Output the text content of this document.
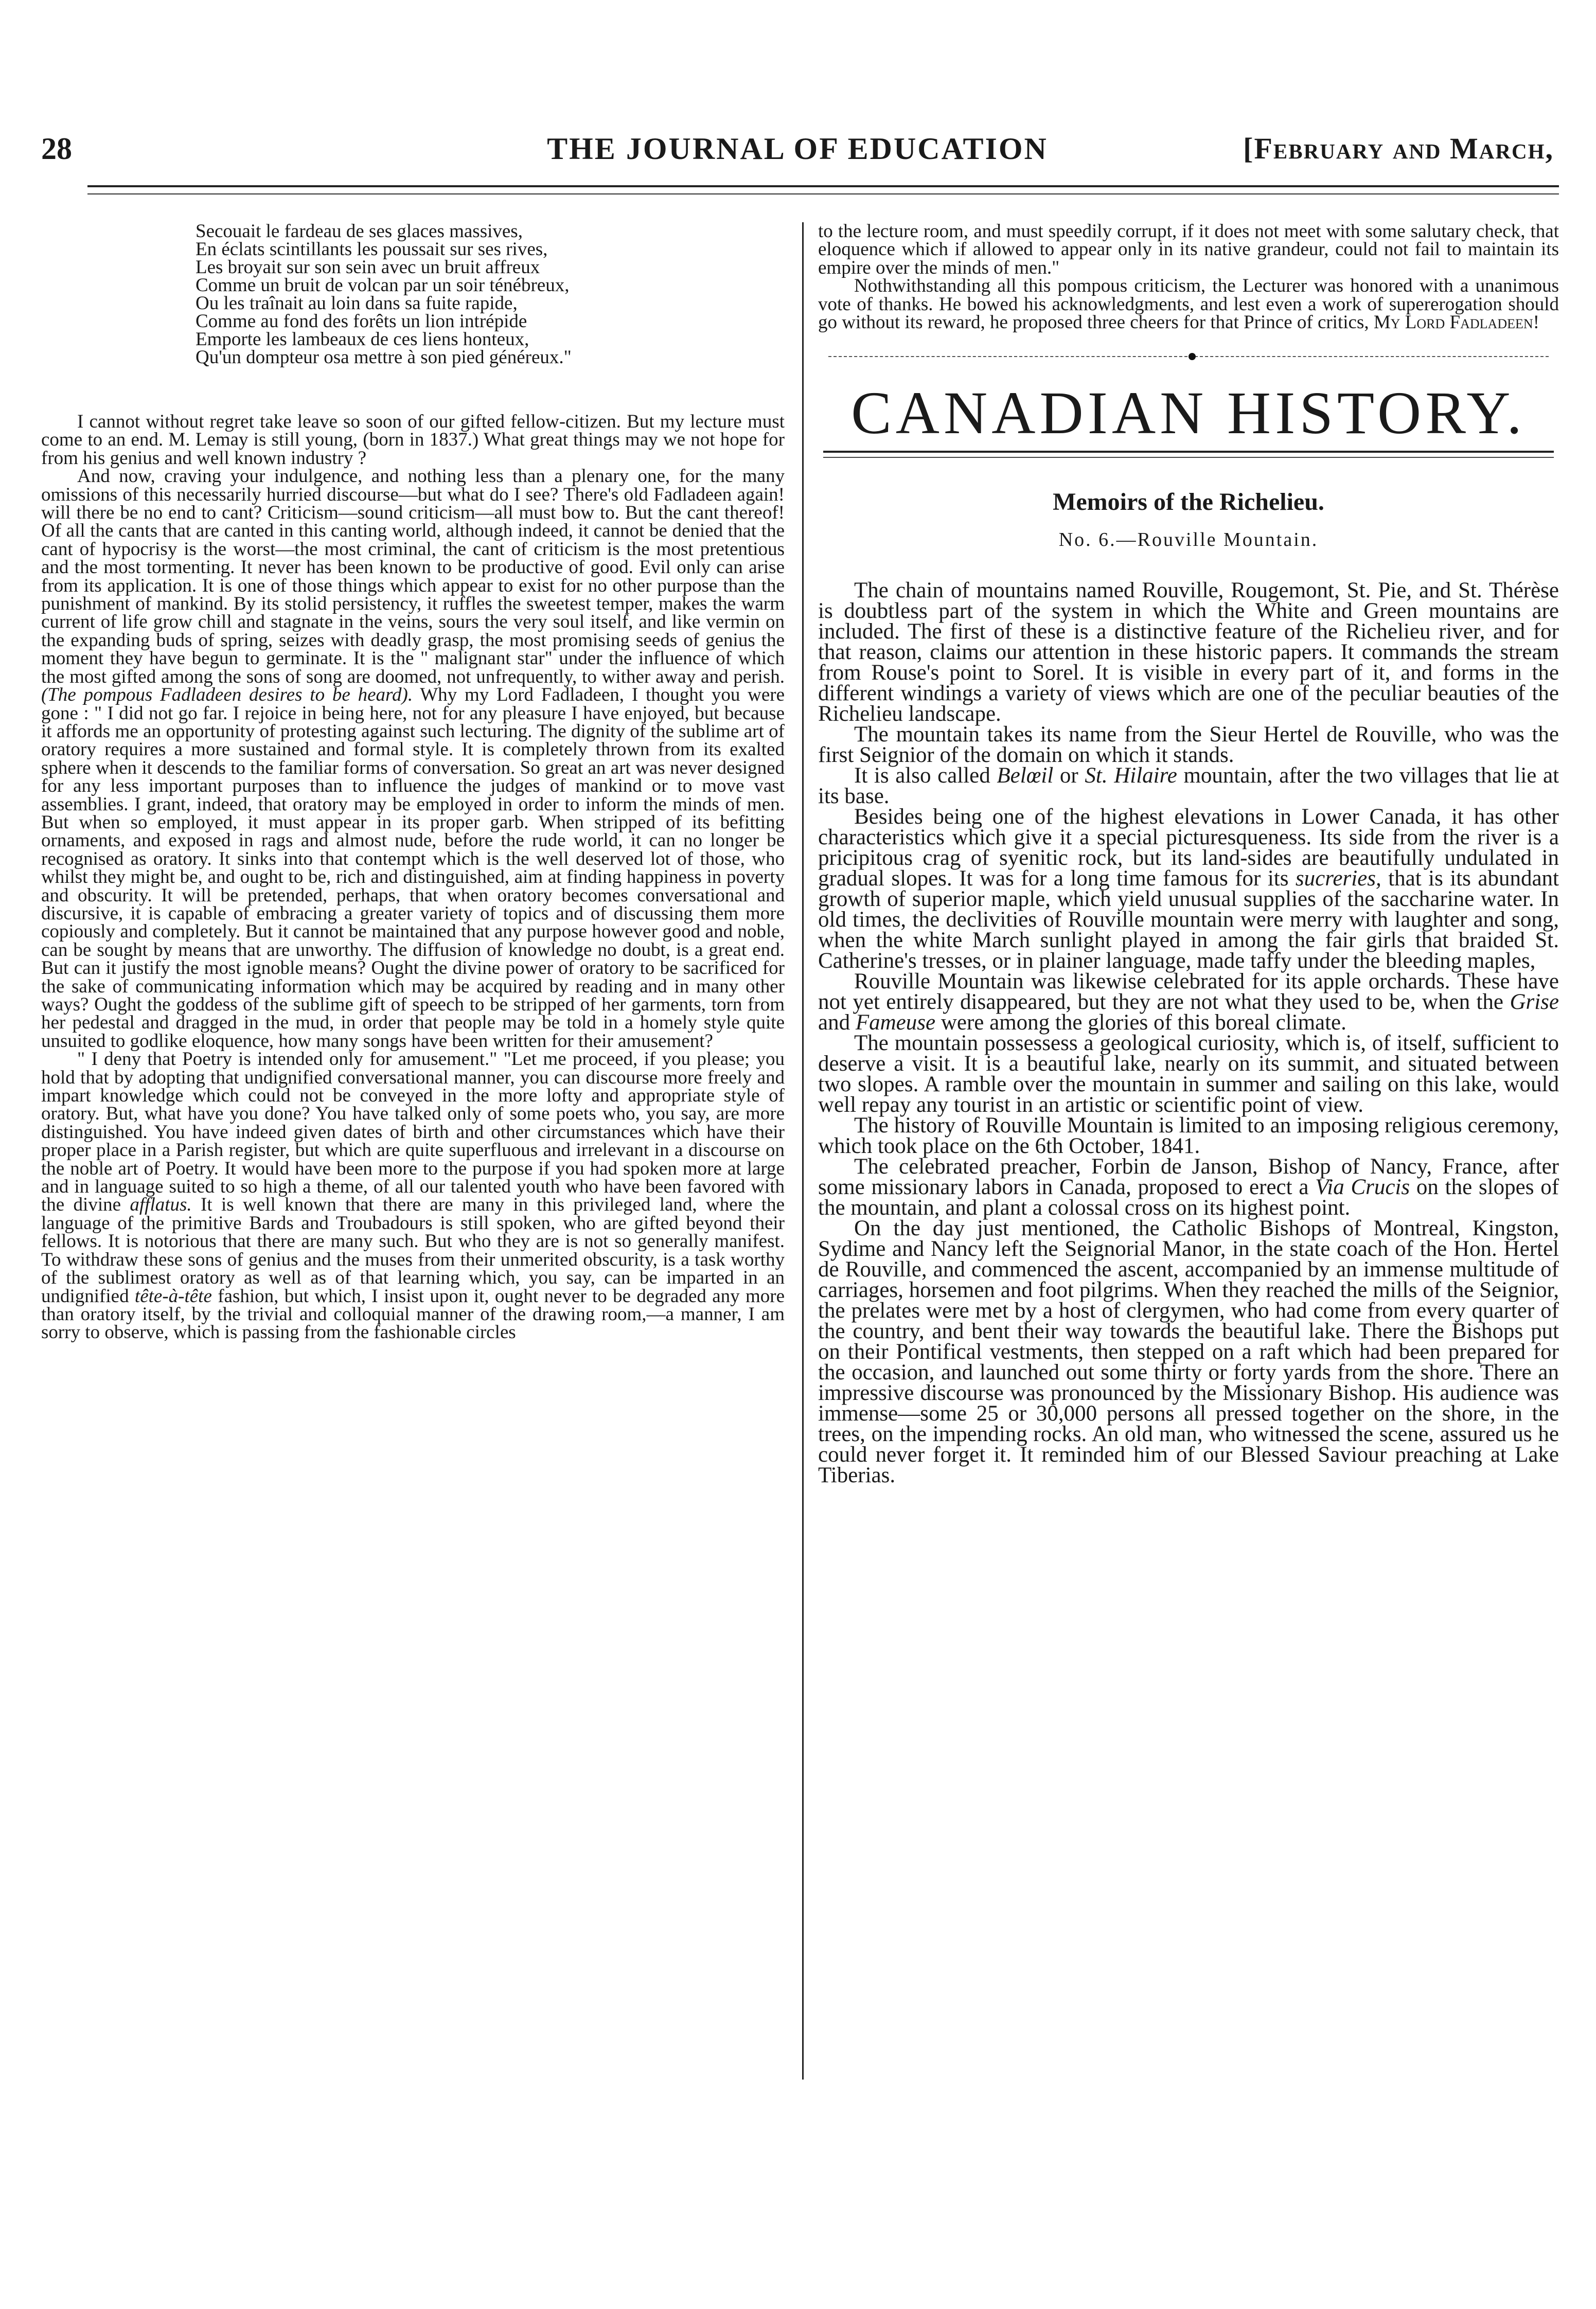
28	THE JOURNAL OF EDUCATION	[February and March,
Secouait le fardeau de ses glaces massives,
En éclats scintillants les poussait sur ses rives,
Les broyait sur son sein avec un bruit affreux
Comme un bruit de volcan par un soir ténébreux,
Ou les traînait au loin dans sa fuite rapide,
Comme au fond des forêts un lion intrépide
Emporte les lambeaux de ces liens honteux,
Qu'un dompteur osa mettre à son pied généreux."

I cannot without regret take leave so soon of our gifted fellow-citizen. But my lecture must come to an end. M. Lemay is still young, (born in 1837.) What great things may we not hope for from his genius and well known industry ?

And now, craving your indulgence, and nothing less than a plenary one, for the many omissions of this necessarily hurried discourse—but what do I see? There's old Fadladeen again! will there be no end to cant? Criticism—sound criticism—all must bow to. But the cant thereof! Of all the cants that are canted in this canting world, although indeed, it cannot be denied that the cant of hypocrisy is the worst—the most criminal, the cant of criticism is the most pretentious and the most tormenting. It never has been known to be productive of good. Evil only can arise from its application. It is one of those things which appear to exist for no other purpose than the punishment of mankind. By its stolid persistency, it ruffles the sweetest temper, makes the warm current of life grow chill and stagnate in the veins, sours the very soul itself, and like vermin on the expanding buds of spring, seizes with deadly grasp, the most promising seeds of genius the moment they have begun to germinate. It is the " malignant star" under the influence of which the most gifted among the sons of song are doomed, not unfrequently, to wither away and perish. (The pompous Fadladeen desires to be heard). Why my Lord Fadladeen, I thought you were gone : " I did not go far. I rejoice in being here, not for any pleasure I have enjoyed, but because it affords me an opportunity of protesting against such lecturing. The dignity of the sublime art of oratory requires a more sustained and formal style. It is completely thrown from its exalted sphere when it descends to the familiar forms of conversation. So great an art was never designed for any less important purposes than to influence the judges of mankind or to move vast assemblies. I grant, indeed, that oratory may be employed in order to inform the minds of men. But when so employed, it must appear in its proper garb. When stripped of its befitting ornaments, and exposed in rags and almost nude, before the rude world, it can no longer be recognised as oratory. It sinks into that contempt which is the well deserved lot of those, who whilst they might be, and ought to be, rich and distinguished, aim at finding happiness in poverty and obscurity. It will be pretended, perhaps, that when oratory becomes conversational and discursive, it is capable of embracing a greater variety of topics and of discussing them more copiously and completely. But it cannot be maintained that any purpose however good and noble, can be sought by means that are unworthy. The diffusion of knowledge no doubt, is a great end. But can it justify the most ignoble means? Ought the divine power of oratory to be sacrificed for the sake of communicating information which may be acquired by reading and in many other ways? Ought the goddess of the sublime gift of speech to be stripped of her garments, torn from her pedestal and dragged in the mud, in order that people may be told in a homely style quite unsuited to godlike eloquence, how many songs have been written for their amusement?

" I deny that Poetry is intended only for amusement." "Let me proceed, if you please; you hold that by adopting that undignified conversational manner, you can discourse more freely and impart knowledge which could not be conveyed in the more lofty and appropriate style of oratory. But, what have you done? You have talked only of some poets who, you say, are more distinguished. You have indeed given dates of birth and other circumstances which have their proper place in a Parish register, but which are quite superfluous and irrelevant in a discourse on the noble art of Poetry. It would have been more to the purpose if you had spoken more at large and in language suited to so high a theme, of all our talented youth who have been favored with the divine afflatus. It is well known that there are many in this privileged land, where the language of the primitive Bards and Troubadours is still spoken, who are gifted beyond their fellows. It is notorious that there are many such. But who they are is not so generally manifest. To withdraw these sons of genius and the muses from their unmerited obscurity, is a task worthy of the sublimest oratory as well as of that learning which, you say, can be imparted in an undignified tête-à-tête fashion, but which, I insist upon it, ought never to be degraded any more than oratory itself, by the trivial and colloquial manner of the drawing room,—a manner, I am sorry to observe, which is passing from the fashionable circles

to the lecture room, and must speedily corrupt, if it does not meet with some salutary check, that eloquence which if allowed to appear only in its native grandeur, could not fail to maintain its empire over the minds of men."

Nothwithstanding all this pompous criticism, the Lecturer was honored with a unanimous vote of thanks. He bowed his acknowledgments, and lest even a work of supererogation should go without its reward, he proposed three cheers for that Prince of critics, My Lord Fadladeen!

CANADIAN HISTORY.
Memoirs of the Richelieu.
No. 6.—Rouville Mountain.

The chain of mountains named Rouville, Rougemont, St. Pie, and St. Thérèse is doubtless part of the system in which the White and Green mountains are included. The first of these is a distinctive feature of the Richelieu river, and for that reason, claims our attention in these historic papers. It commands the stream from Rouse's point to Sorel. It is visible in every part of it, and forms in the different windings a variety of views which are one of the peculiar beauties of the Richelieu landscape.

The mountain takes its name from the Sieur Hertel de Rouville, who was the first Seignior of the domain on which it stands.

It is also called Belœil or St. Hilaire mountain, after the two villages that lie at its base.

Besides being one of the highest elevations in Lower Canada, it has other characteristics which give it a special picturesqueness. Its side from the river is a pricipitous crag of syenitic rock, but its land-sides are beautifully undulated in gradual slopes. It was for a long time famous for its sucreries, that is its abundant growth of superior maple, which yield unusual supplies of the saccharine water. In old times, the declivities of Rouville mountain were merry with laughter and song, when the white March sunlight played in among the fair girls that braided St. Catherine's tresses, or in plainer language, made taffy under the bleeding maples,

Rouville Mountain was likewise celebrated for its apple orchards. These have not yet entirely disappeared, but they are not what they used to be, when the Grise and Fameuse were among the glories of this boreal climate.

The mountain possessess a geological curiosity, which is, of itself, sufficient to deserve a visit. It is a beautiful lake, nearly on its summit, and situated between two slopes. A ramble over the mountain in summer and sailing on this lake, would well repay any tourist in an artistic or scientific point of view.

The history of Rouville Mountain is limited to an imposing religious ceremony, which took place on the 6th October, 1841.

The celebrated preacher, Forbin de Janson, Bishop of Nancy, France, after some missionary labors in Canada, proposed to erect a Via Crucis on the slopes of the mountain, and plant a colossal cross on its highest point.

On the day just mentioned, the Catholic Bishops of Montreal, Kingston, Sydime and Nancy left the Seignorial Manor, in the state coach of the Hon. Hertel de Rouville, and commenced the ascent, accompanied by an immense multitude of carriages, horsemen and foot pilgrims. When they reached the mills of the Seignior, the prelates were met by a host of clergymen, who had come from every quarter of the country, and bent their way towards the beautiful lake. There the Bishops put on their Pontifical vestments, then stepped on a raft which had been prepared for the occasion, and launched out some thirty or forty yards from the shore. There an impressive discourse was pronounced by the Missionary Bishop. His audience was immense—some 25 or 30,000 persons all pressed together on the shore, in the trees, on the impending rocks. An old man, who witnessed the scene, assured us he could never forget it. It reminded him of our Blessed Saviour preaching at Lake Tiberias.
